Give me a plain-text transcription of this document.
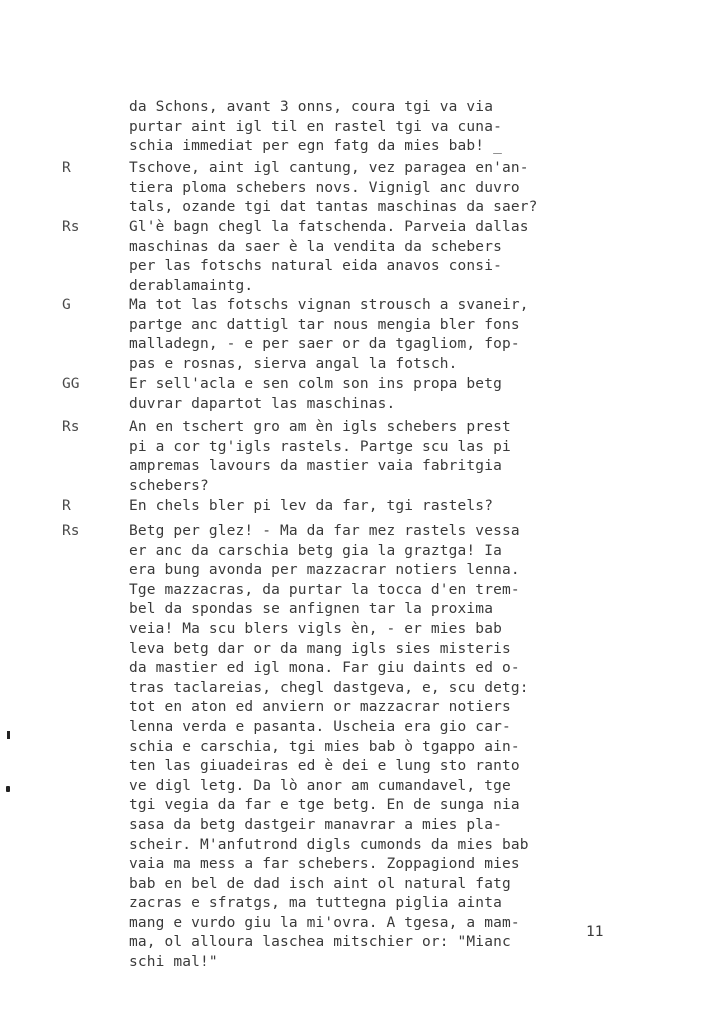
da Schons, avant 3 onns, coura tgi va via
purtar aint igl til en rastel tgi va cuna-
schia immediat per egn fatg da mies bab! _
R	Tschove, aint igl cantung, vez paragea en'an-
tiera ploma schebers novs. Vignigl anc duvro
tals, ozande tgi dat tantas maschinas da saer?
Rs	Gl'è bagn chegl la fatschenda. Parveia dallas
maschinas da saer è la vendita da schebers
per las fotschs natural eida anavos consi-
derablamaintg.
G	Ma tot las fotschs vignan strousch a svaneir,
partge anc dattigl tar nous mengia bler fons
malladegn, - e per saer or da tgagliom, fop-
pas e rosnas, sierva angal la fotsch.
GG	Er sell'acla e sen colm son ins propa betg
duvrar dapartot las maschinas.
Rs	An en tschert gro am èn igls schebers prest
pi a cor tg'igls rastels. Partge scu las pi
ampremas lavours da mastier vaia fabritgia
schebers?
R	En chels bler pi lev da far, tgi rastels?
Rs	Betg per glez! - Ma da far mez rastels vessa
er anc da carschia betg gia la graztga! Ia
era bung avonda per mazzacrar notiers lenna.
Tge mazzacras, da purtar la tocca d'en trem-
bel da spondas se anfignen tar la proxima
veia! Ma scu blers vigls èn, - er mies bab
leva betg dar or da mang igls sies misteris
da mastier ed igl mona. Far giu daints ed o-
tras taclareias, chegl dastgeva, e, scu detg:
tot en aton ed anviern or mazzacrar notiers
lenna verda e pasanta. Uscheia era gio car-
schia e carschia, tgi mies bab ò tgappo ain-
ten las giuadeiras ed è dei e lung sto ranto
ve digl letg. Da lò anor am cumandavel, tge
tgi vegia da far e tge betg. En de sunga nia
sasa da betg dastgeir manavrar a mies pla-
scheir. M'anfutrond digls cumonds da mies bab
vaia ma mess a far schebers. Zoppagiond mies
bab en bel de dad isch aint ol natural fatg
zacras e sfratgs, ma tuttegna piglia ainta
mang e vurdo giu la mi'ovra. A tgesa, a mam-
ma, ol alloura laschea mitschier or: "Mianc
schi mal!"
11
